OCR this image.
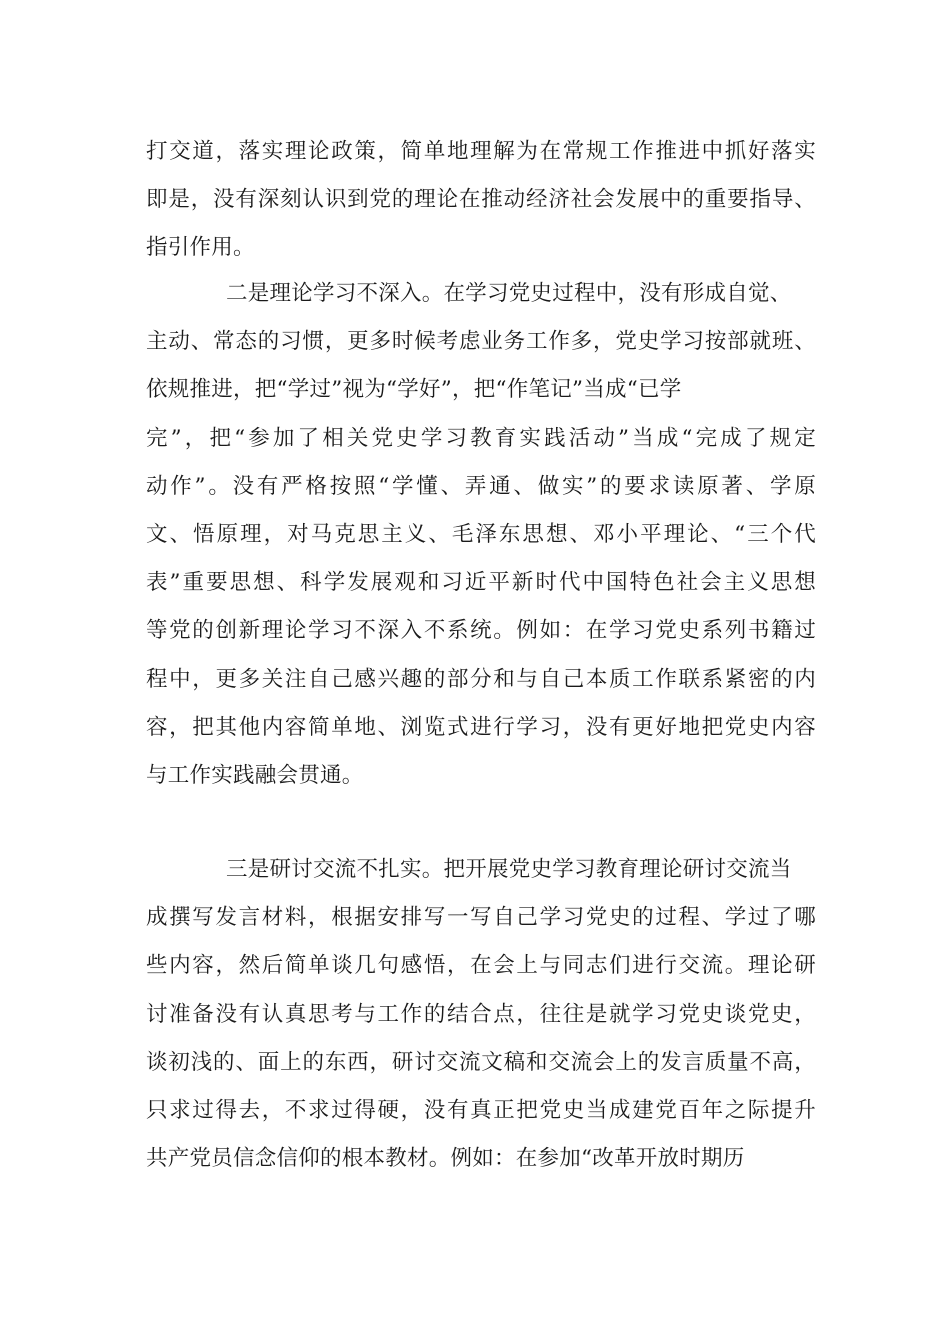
打交道，落实理论政策，简单地理解为在常规工作推进中抓好落实
即是，没有深刻认识到党的理论在推动经济社会发展中的重要指导、
指引作用。
二是理论学习不深入。在学习党史过程中，没有形成自觉、
主动、常态的习惯，更多时候考虑业务工作多，党史学习按部就班、
依规推进，把“学过”视为“学好”，把“作笔记”当成“已学
完”，把“参加了相关党史学习教育实践活动”当成“完成了规定
动作”。没有严格按照“学懂、弄通、做实”的要求读原著、学原
文、悟原理，对马克思主义、毛泽东思想、邓小平理论、“三个代
表”重要思想、科学发展观和习近平新时代中国特色社会主义思想
等党的创新理论学习不深入不系统。例如：在学习党史系列书籍过
程中，更多关注自己感兴趣的部分和与自己本质工作联系紧密的内
容，把其他内容简单地、浏览式进行学习，没有更好地把党史内容
与工作实践融会贯通。
三是研讨交流不扎实。把开展党史学习教育理论研讨交流当
成撰写发言材料，根据安排写一写自己学习党史的过程、学过了哪
些内容，然后简单谈几句感悟，在会上与同志们进行交流。理论研
讨准备没有认真思考与工作的结合点，往往是就学习党史谈党史，
谈初浅的、面上的东西，研讨交流文稿和交流会上的发言质量不高，
只求过得去，不求过得硬，没有真正把党史当成建党百年之际提升
共产党员信念信仰的根本教材。例如：在参加“改革开放时期历
